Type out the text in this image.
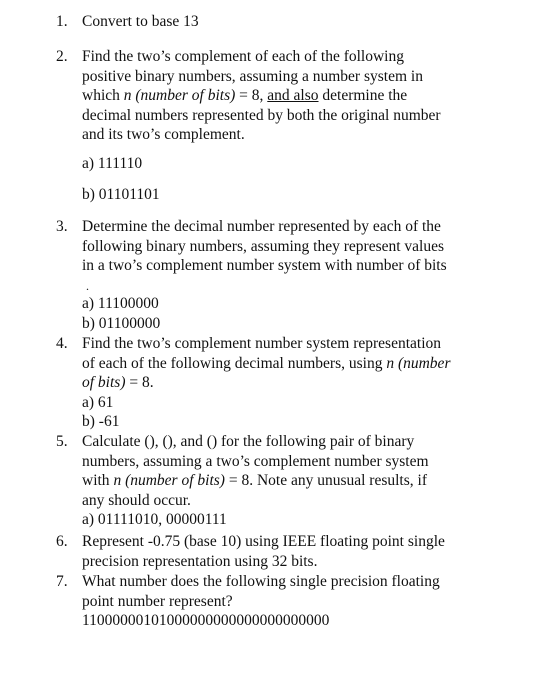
1. Convert to base 13
2. Find the two’s complement of each of the following
positive binary numbers, assuming a number system in
which n (number of bits) = 8, and also determine the
decimal numbers represented by both the original number
and its two’s complement.
a) 111110
b) 01101101
3. Determine the decimal number represented by each of the
following binary numbers, assuming they represent values
in a two’s complement number system with number of bits
.
a) 11100000
b) 01100000
4. Find the two’s complement number system representation
of each of the following decimal numbers, using n (number
of bits) = 8.
a) 61
b) -61
5. Calculate (), (), and () for the following pair of binary
numbers, assuming a two’s complement number system
with n (number of bits) = 8. Note any unusual results, if
any should occur.
a) 01111010, 00000111
6. Represent -0.75 (base 10) using IEEE floating point single
precision representation using 32 bits.
7. What number does the following single precision floating
point number represent?
11000000101000000000000000000000
